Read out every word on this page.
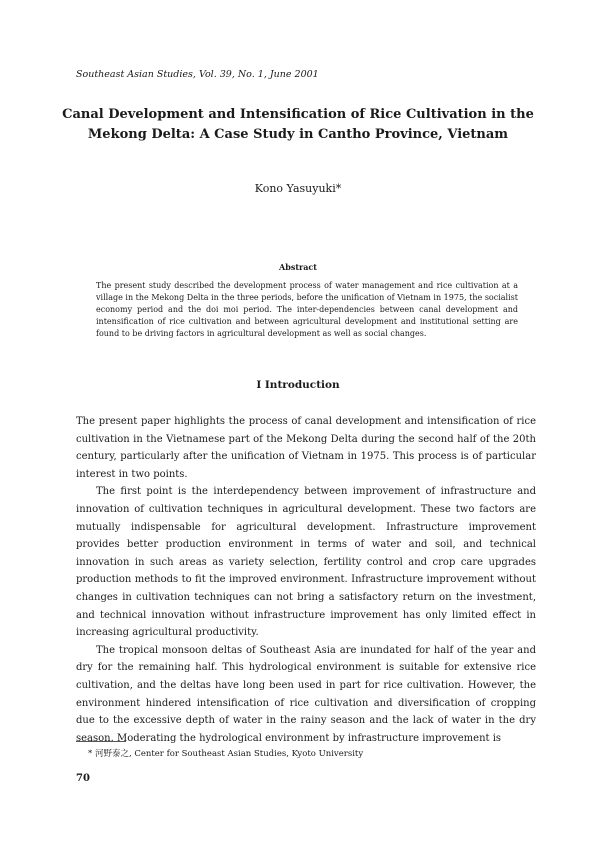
Southeast Asian Studies, Vol. 39, No. 1, June 2001
Canal Development and Intensification of Rice Cultivation in the Mekong Delta: A Case Study in Cantho Province, Vietnam
Kono Yasuyuki*
Abstract

The present study described the development process of water management and rice cultivation at a village in the Mekong Delta in the three periods, before the unification of Vietnam in 1975, the socialist economy period and the doi moi period. The inter-dependencies between canal development and intensification of rice cultivation and between agricultural development and institutional setting are found to be driving factors in agricultural development as well as social changes.

I Introduction

The present paper highlights the process of canal development and intensification of rice cultivation in the Vietnamese part of the Mekong Delta during the second half of the 20th century, particularly after the unification of Vietnam in 1975. This process is of particular interest in two points.

The first point is the interdependency between improvement of infrastructure and innovation of cultivation techniques in agricultural development. These two factors are mutually indispensable for agricultural development. Infrastructure improvement provides better production environment in terms of water and soil, and technical innovation in such areas as variety selection, fertility control and crop care upgrades production methods to fit the improved environment. Infrastructure improvement without changes in cultivation techniques can not bring a satisfactory return on the investment, and technical innovation without infrastructure improvement has only limited effect in increasing agricultural productivity.

The tropical monsoon deltas of Southeast Asia are inundated for half of the year and dry for the remaining half. This hydrological environment is suitable for extensive rice cultivation, and the deltas have long been used in part for rice cultivation. However, the environment hindered intensification of rice cultivation and diversification of cropping due to the excessive depth of water in the rainy season and the lack of water in the dry season. Moderating the hydrological environment by infrastructure improvement is

* 河野泰之, Center for Southeast Asian Studies, Kyoto University
70
